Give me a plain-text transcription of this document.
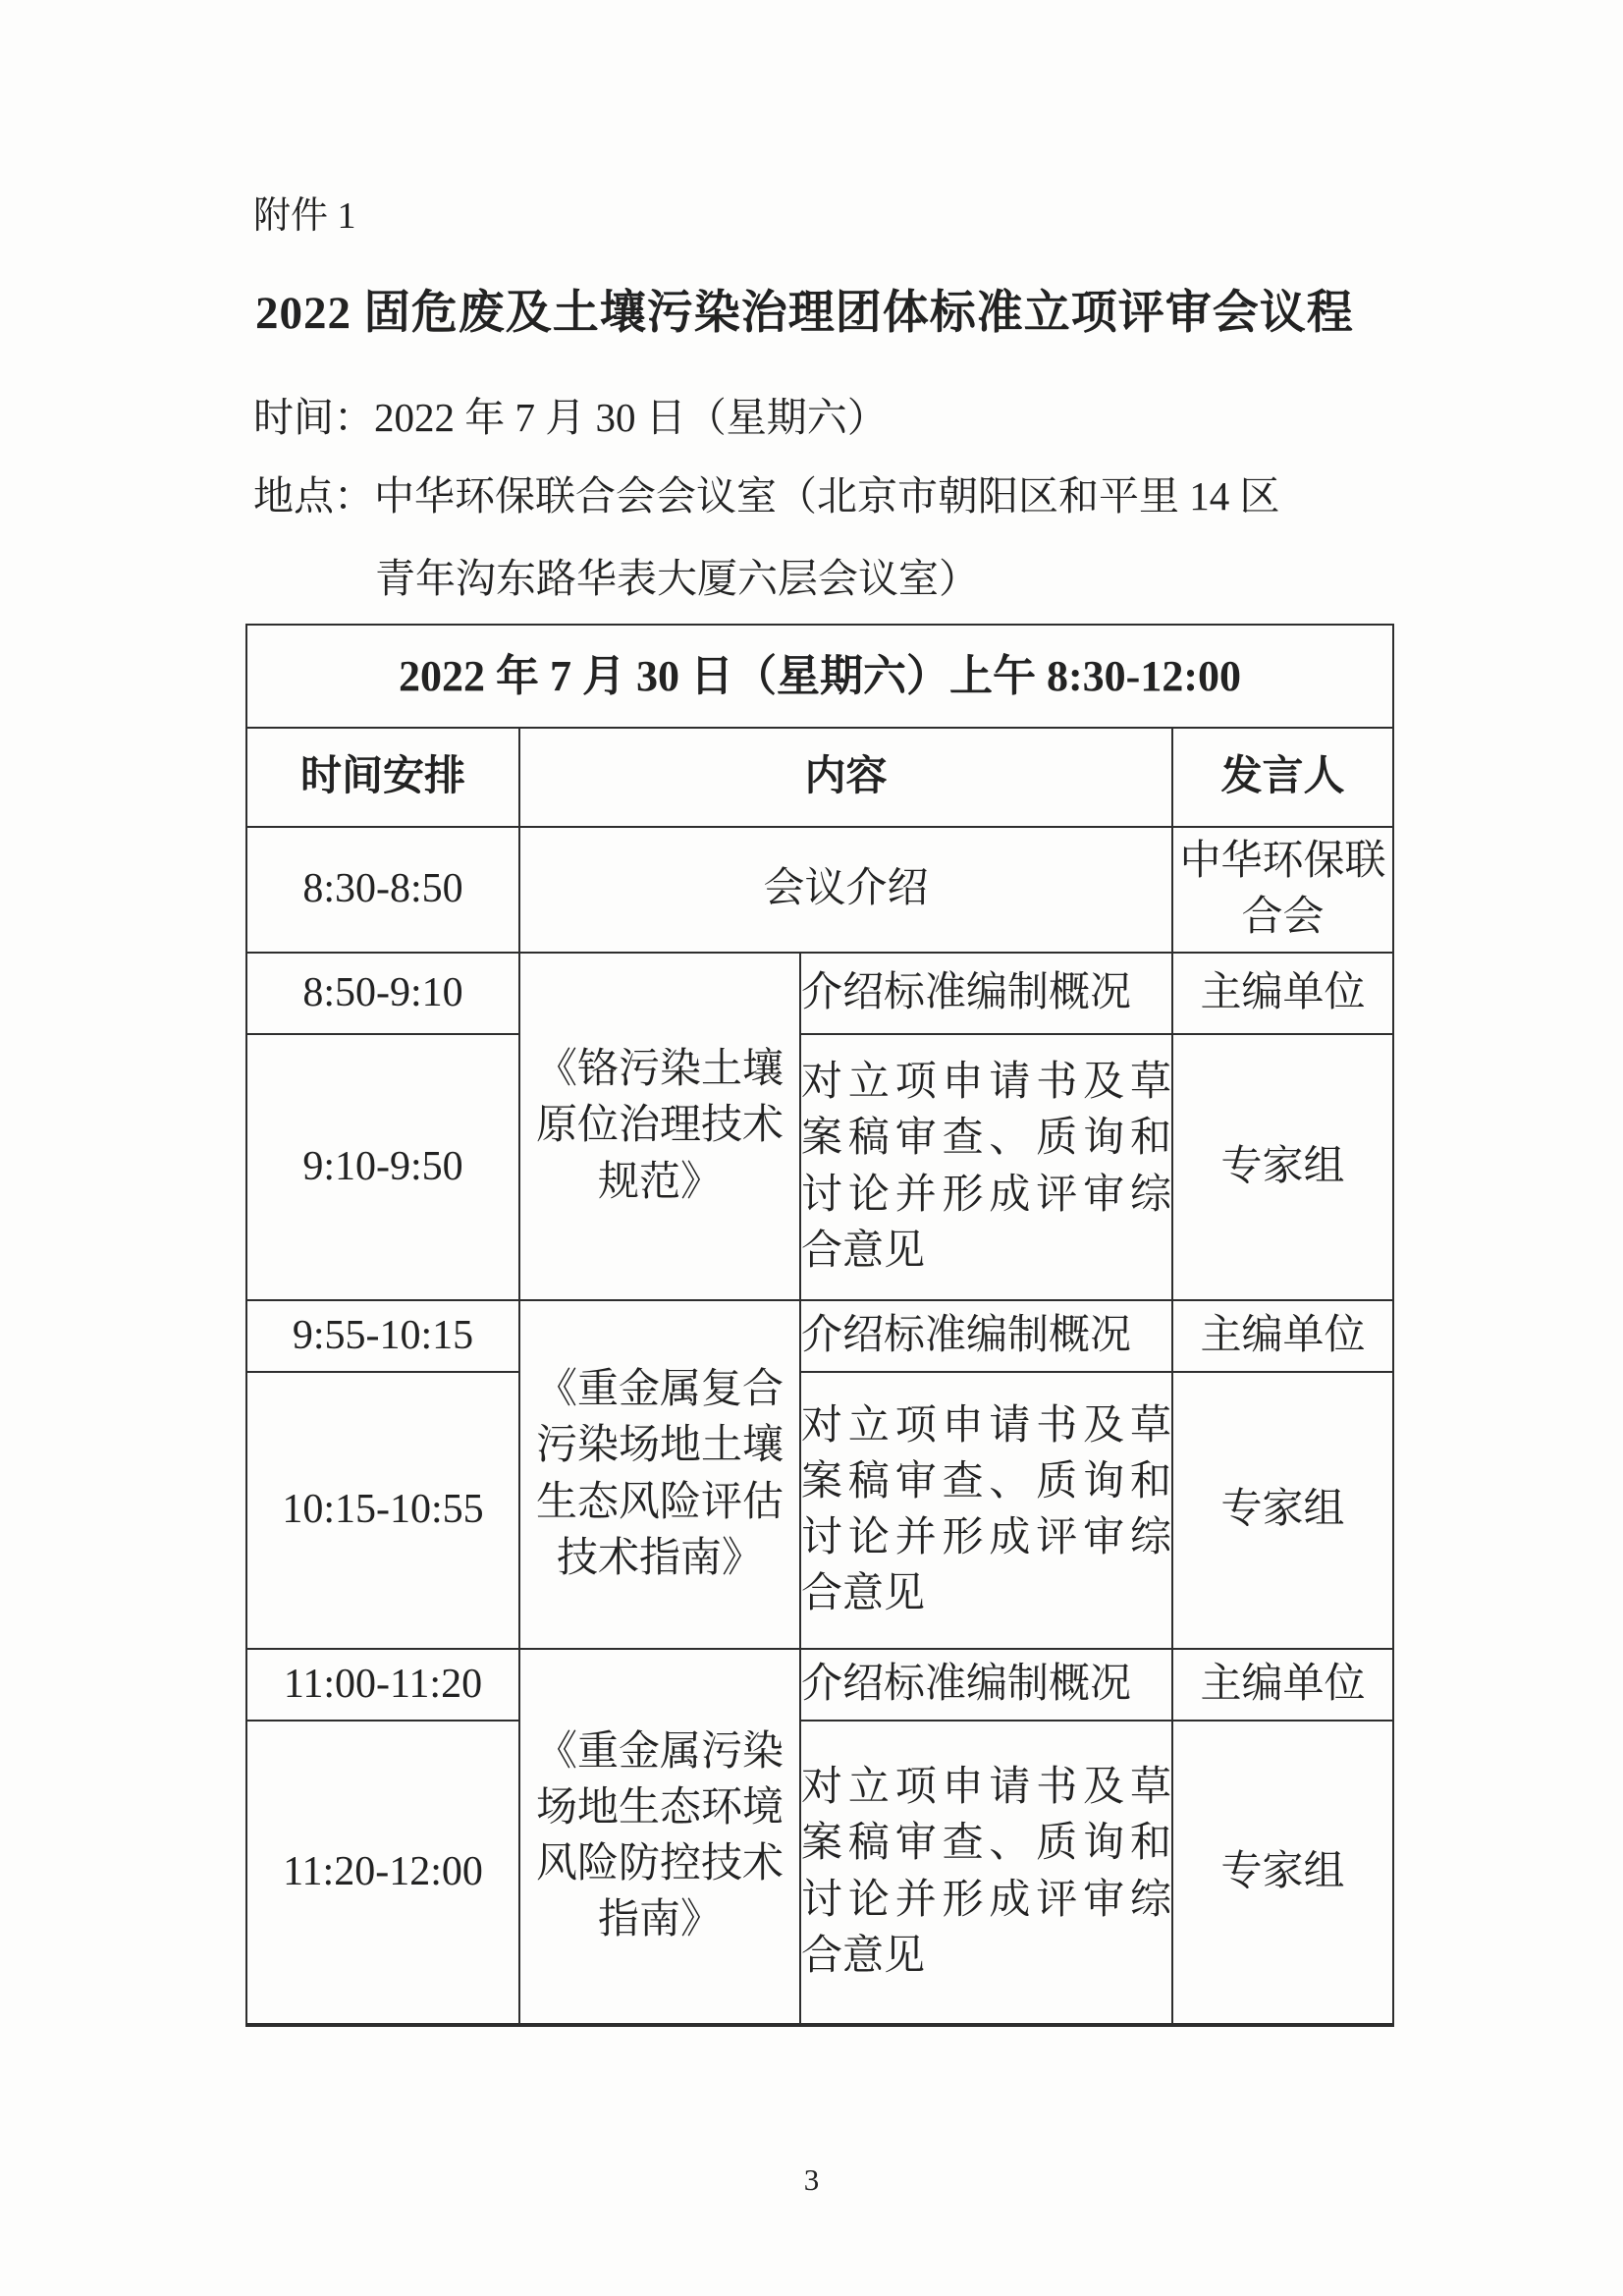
附件 1
2022 固危废及土壤污染治理团体标准立项评审会议程
时间：2022 年 7 月 30 日（星期六）
地点：中华环保联合会会议室（北京市朝阳区和平里 14 区
青年沟东路华表大厦六层会议室）
2022 年 7 月 30 日（星期六）上午 8:30-12:00			
时间安排	内容		发言人
8:30-8:50	会议介绍		中华环保联合会
8:50-9:10	《铬污染土壤原位治理技术规范》	介绍标准编制概况	主编单位
9:10-9:50		对立项申请书及草案稿审查、质询和讨论并形成评审综合意见	专家组
9:55-10:15	《重金属复合污染场地土壤生态风险评估技术指南》	介绍标准编制概况	主编单位
10:15-10:55		对立项申请书及草案稿审查、质询和讨论并形成评审综合意见	专家组
11:00-11:20	《重金属污染场地生态环境风险防控技术指南》	介绍标准编制概况	主编单位
11:20-12:00		对立项申请书及草案稿审查、质询和讨论并形成评审综合意见	专家组
3
